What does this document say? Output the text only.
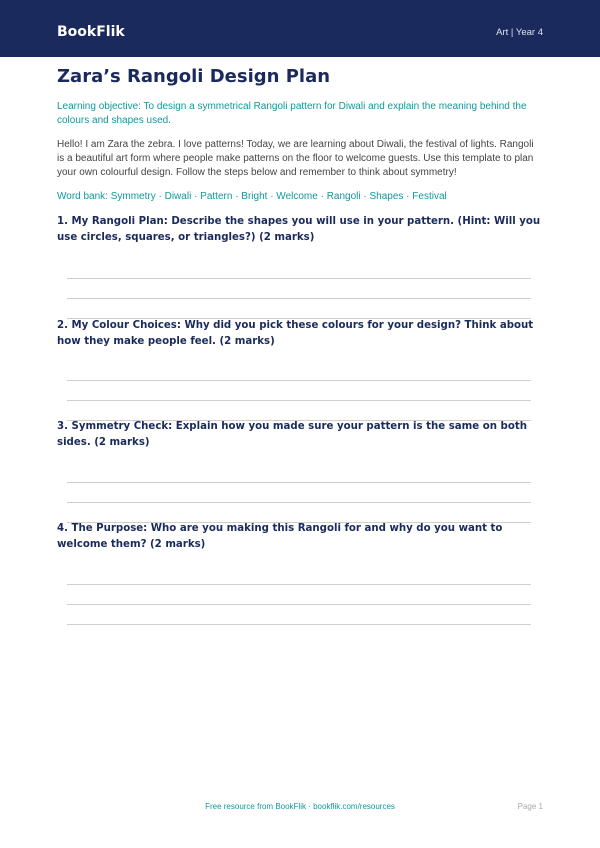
BookFlik	Art | Year 4
Zara’s Rangoli Design Plan
Learning objective: To design a symmetrical Rangoli pattern for Diwali and explain the meaning behind the colours and shapes used.
Hello! I am Zara the zebra. I love patterns! Today, we are learning about Diwali, the festival of lights. Rangoli is a beautiful art form where people make patterns on the floor to welcome guests. Use this template to plan your own colourful design. Follow the steps below and remember to think about symmetry!
Word bank: Symmetry · Diwali · Pattern · Bright · Welcome · Rangoli · Shapes · Festival
1. My Rangoli Plan: Describe the shapes you will use in your pattern. (Hint: Will you use circles, squares, or triangles?) (2 marks)
2. My Colour Choices: Why did you pick these colours for your design? Think about how they make people feel. (2 marks)
3. Symmetry Check: Explain how you made sure your pattern is the same on both sides. (2 marks)
4. The Purpose: Who are you making this Rangoli for and why do you want to welcome them? (2 marks)
Free resource from BookFlik · bookflik.com/resources	Page 1
